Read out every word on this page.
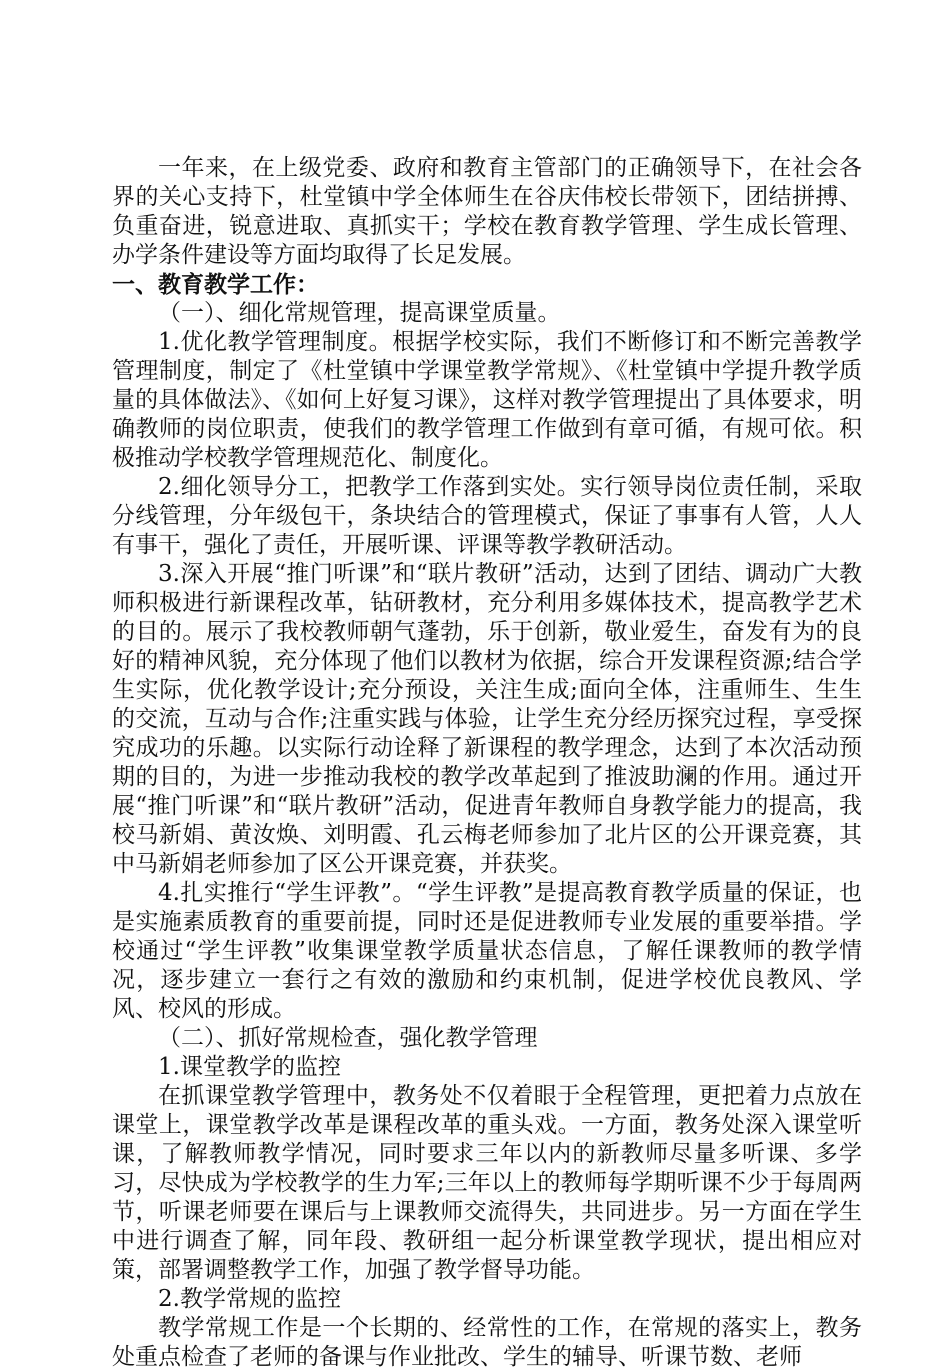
一年来，在上级党委、政府和教育主管部门的正确领导下，在社会各界的关心支持下，杜堂镇中学全体师生在谷庆伟校长带领下，团结拼搏、负重奋进，锐意进取、真抓实干；学校在教育教学管理、学生成长管理、办学条件建设等方面均取得了长足发展。

一、教育教学工作：

（一）、细化常规管理，提高课堂质量。

1.优化教学管理制度。根据学校实际，我们不断修订和不断完善教学管理制度，制定了《杜堂镇中学课堂教学常规》、《杜堂镇中学提升教学质量的具体做法》、《如何上好复习课》，这样对教学管理提出了具体要求，明确教师的岗位职责，使我们的教学管理工作做到有章可循，有规可依。积极推动学校教学管理规范化、制度化。

2.细化领导分工，把教学工作落到实处。实行领导岗位责任制，采取分线管理，分年级包干，条块结合的管理模式，保证了事事有人管，人人有事干，强化了责任，开展听课、评课等教学教研活动。

3.深入开展“推门听课”和“联片教研”活动，达到了团结、调动广大教师积极进行新课程改革，钻研教材，充分利用多媒体技术，提高教学艺术的目的。展示了我校教师朝气蓬勃，乐于创新，敬业爱生，奋发有为的良好的精神风貌，充分体现了他们以教材为依据，综合开发课程资源;结合学生实际，优化教学设计;充分预设，关注生成;面向全体，注重师生、生生的交流，互动与合作;注重实践与体验，让学生充分经历探究过程，享受探究成功的乐趣。以实际行动诠释了新课程的教学理念，达到了本次活动预期的目的，为进一步推动我校的教学改革起到了推波助澜的作用。通过开展“推门听课”和“联片教研”活动，促进青年教师自身教学能力的提高，我校马新娟、黄汝焕、刘明霞、孔云梅老师参加了北片区的公开课竞赛，其中马新娟老师参加了区公开课竞赛，并获奖。

4.扎实推行“学生评教”。“学生评教”是提高教育教学质量的保证，也是实施素质教育的重要前提，同时还是促进教师专业发展的重要举措。学校通过“学生评教”收集课堂教学质量状态信息，了解任课教师的教学情况，逐步建立一套行之有效的激励和约束机制，促进学校优良教风、学风、校风的形成。

（二）、抓好常规检查，强化教学管理

1.课堂教学的监控

在抓课堂教学管理中，教务处不仅着眼于全程管理，更把着力点放在课堂上，课堂教学改革是课程改革的重头戏。一方面，教务处深入课堂听课，了解教师教学情况，同时要求三年以内的新教师尽量多听课、多学习，尽快成为学校教学的生力军;三年以上的教师每学期听课不少于每周两节，听课老师要在课后与上课教师交流得失，共同进步。另一方面在学生中进行调查了解，同年段、教研组一起分析课堂教学现状，提出相应对策，部署调整教学工作，加强了教学督导功能。

2.教学常规的监控

教学常规工作是一个长期的、经常性的工作，在常规的落实上，教务处重点检查了老师的备课与作业批改、学生的辅导、听课节数、老师
